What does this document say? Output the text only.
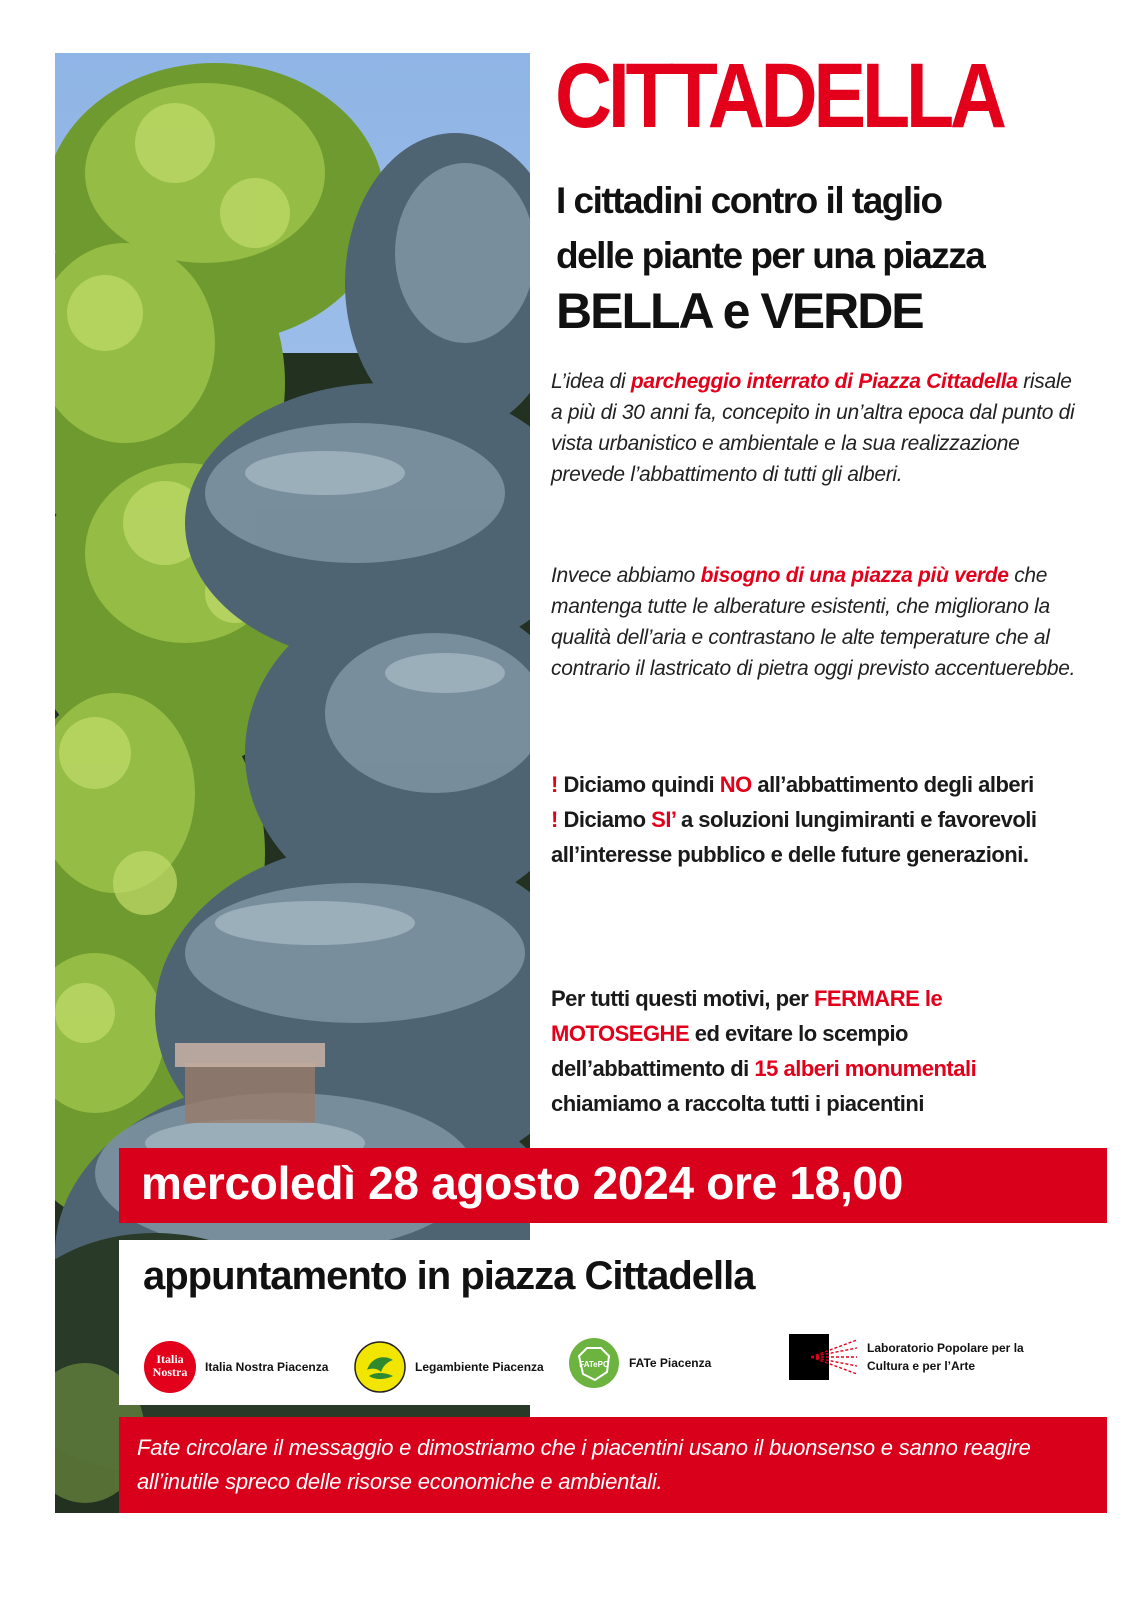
CITTADELLA
I cittadini contro il taglio
delle piante per una piazza
BELLA e VERDE

L’idea di parcheggio interrato di Piazza Cittadella risale a più di 30 anni fa, concepito in un’altra epoca dal punto di vista urbanistico e ambientale e la sua realizzazione prevede l’abbattimento di tutti gli alberi.

Invece abbiamo bisogno di una piazza più verde che mantenga tutte le alberature esistenti, che migliorano la qualità dell’aria e contrastano le alte temperature che al contrario il lastricato di pietra oggi previsto accentuerebbe.

! Diciamo quindi NO all’abbattimento degli alberi
! Diciamo SI’ a soluzioni lungimiranti e favorevoli all’interesse pubblico e delle future generazioni.

Per tutti questi motivi, per FERMARE le MOTOSEGHE ed evitare lo scempio dell’abbattimento di 15 alberi monumentali chiamiamo a raccolta tutti i piacentini

mercoledì 28 agosto 2024 ore 18,00

appuntamento in piazza Cittadella

Italia
Nostra Italia Nostra Piacenza	Legambiente Piacenza	FATePC FATe Piacenza
Laboratorio Popolare per la Cultura e per l’Arte

Fate circolare il messaggio e dimostriamo che i piacentini usano il buonsenso e sanno reagire all’inutile spreco delle risorse economiche e ambientali.
